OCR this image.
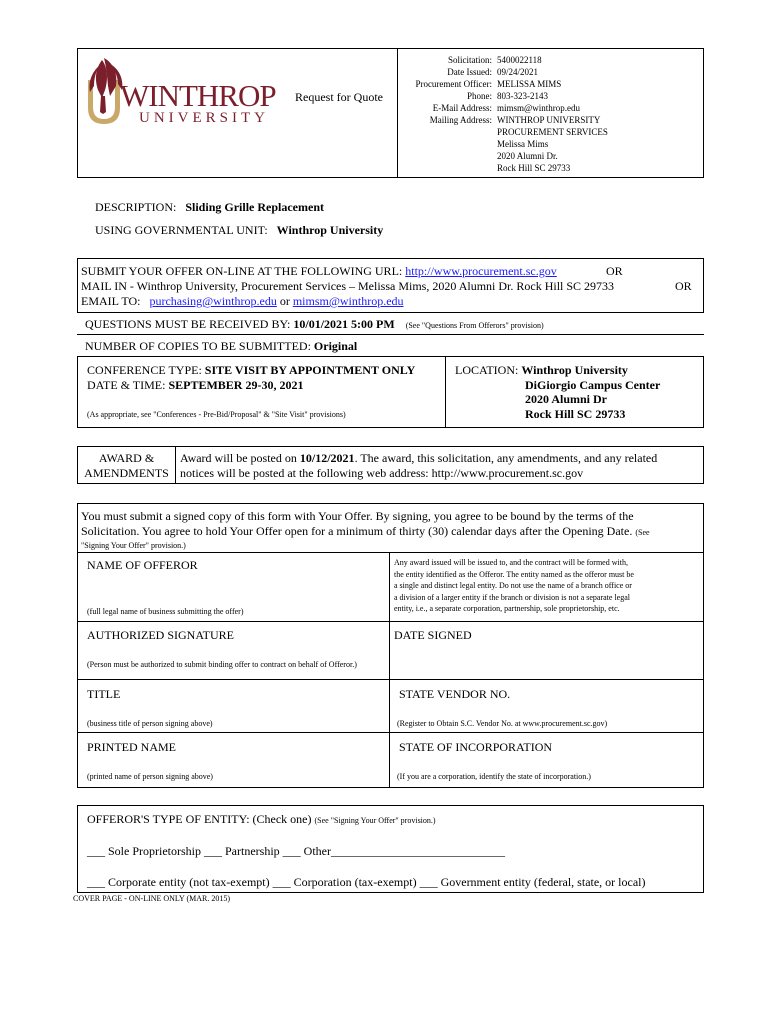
WINTHROP
UNIVERSITY
Request for Quote
Solicitation: 5400022118
Date Issued: 09/24/2021
Procurement Officer: MELISSA MIMS
Phone: 803-323-2143
E-Mail Address: mimsm@winthrop.edu
Mailing Address: WINTHROP UNIVERSITY
PROCUREMENT SERVICES
Melissa Mims
2020 Alumni Dr.
Rock Hill SC 29733
DESCRIPTION: Sliding Grille Replacement
USING GOVERNMENTAL UNIT: Winthrop University
SUBMIT YOUR OFFER ON-LINE AT THE FOLLOWING URL: http://www.procurement.sc.gov	OR
MAIL IN - Winthrop University, Procurement Services – Melissa Mims, 2020 Alumni Dr. Rock Hill SC 29733	OR
EMAIL TO: purchasing@winthrop.edu or mimsm@winthrop.edu
QUESTIONS MUST BE RECEIVED BY: 10/01/2021 5:00 PM (See "Questions From Offerors" provision)
NUMBER OF COPIES TO BE SUBMITTED: Original
CONFERENCE TYPE: SITE VISIT BY APPOINTMENT ONLY
DATE & TIME: SEPTEMBER 29-30, 2021
(As appropriate, see "Conferences - Pre-Bid/Proposal" & "Site Visit" provisions)
LOCATION: Winthrop University
DiGiorgio Campus Center
2020 Alumni Dr
Rock Hill SC 29733
AWARD &
AMENDMENTS
Award will be posted on 10/12/2021. The award, this solicitation, any amendments, and any related
notices will be posted at the following web address: http://www.procurement.sc.gov
You must submit a signed copy of this form with Your Offer. By signing, you agree to be bound by the terms of the
Solicitation. You agree to hold Your Offer open for a minimum of thirty (30) calendar days after the Opening Date. (See
"Signing Your Offer" provision.)
NAME OF OFFEROR
(full legal name of business submitting the offer)
Any award issued will be issued to, and the contract will be formed with,
the entity identified as the Offeror. The entity named as the offeror must be
a single and distinct legal entity. Do not use the name of a branch office or
a division of a larger entity if the branch or division is not a separate legal
entity, i.e., a separate corporation, partnership, sole proprietorship, etc.
AUTHORIZED SIGNATURE	DATE SIGNED
(Person must be authorized to submit binding offer to contract on behalf of Offeror.)
TITLE
(business title of person signing above)
STATE VENDOR NO.
(Register to Obtain S.C. Vendor No. at www.procurement.sc.gov)
PRINTED NAME
(printed name of person signing above)
STATE OF INCORPORATION
(If you are a corporation, identify the state of incorporation.)
OFFEROR'S TYPE OF ENTITY: (Check one) (See "Signing Your Offer" provision.)
___ Sole Proprietorship ___ Partnership ___ Other_____________________________
___ Corporate entity (not tax-exempt) ___ Corporation (tax-exempt) ___ Government entity (federal, state, or local)
COVER PAGE - ON-LINE ONLY (MAR. 2015)
